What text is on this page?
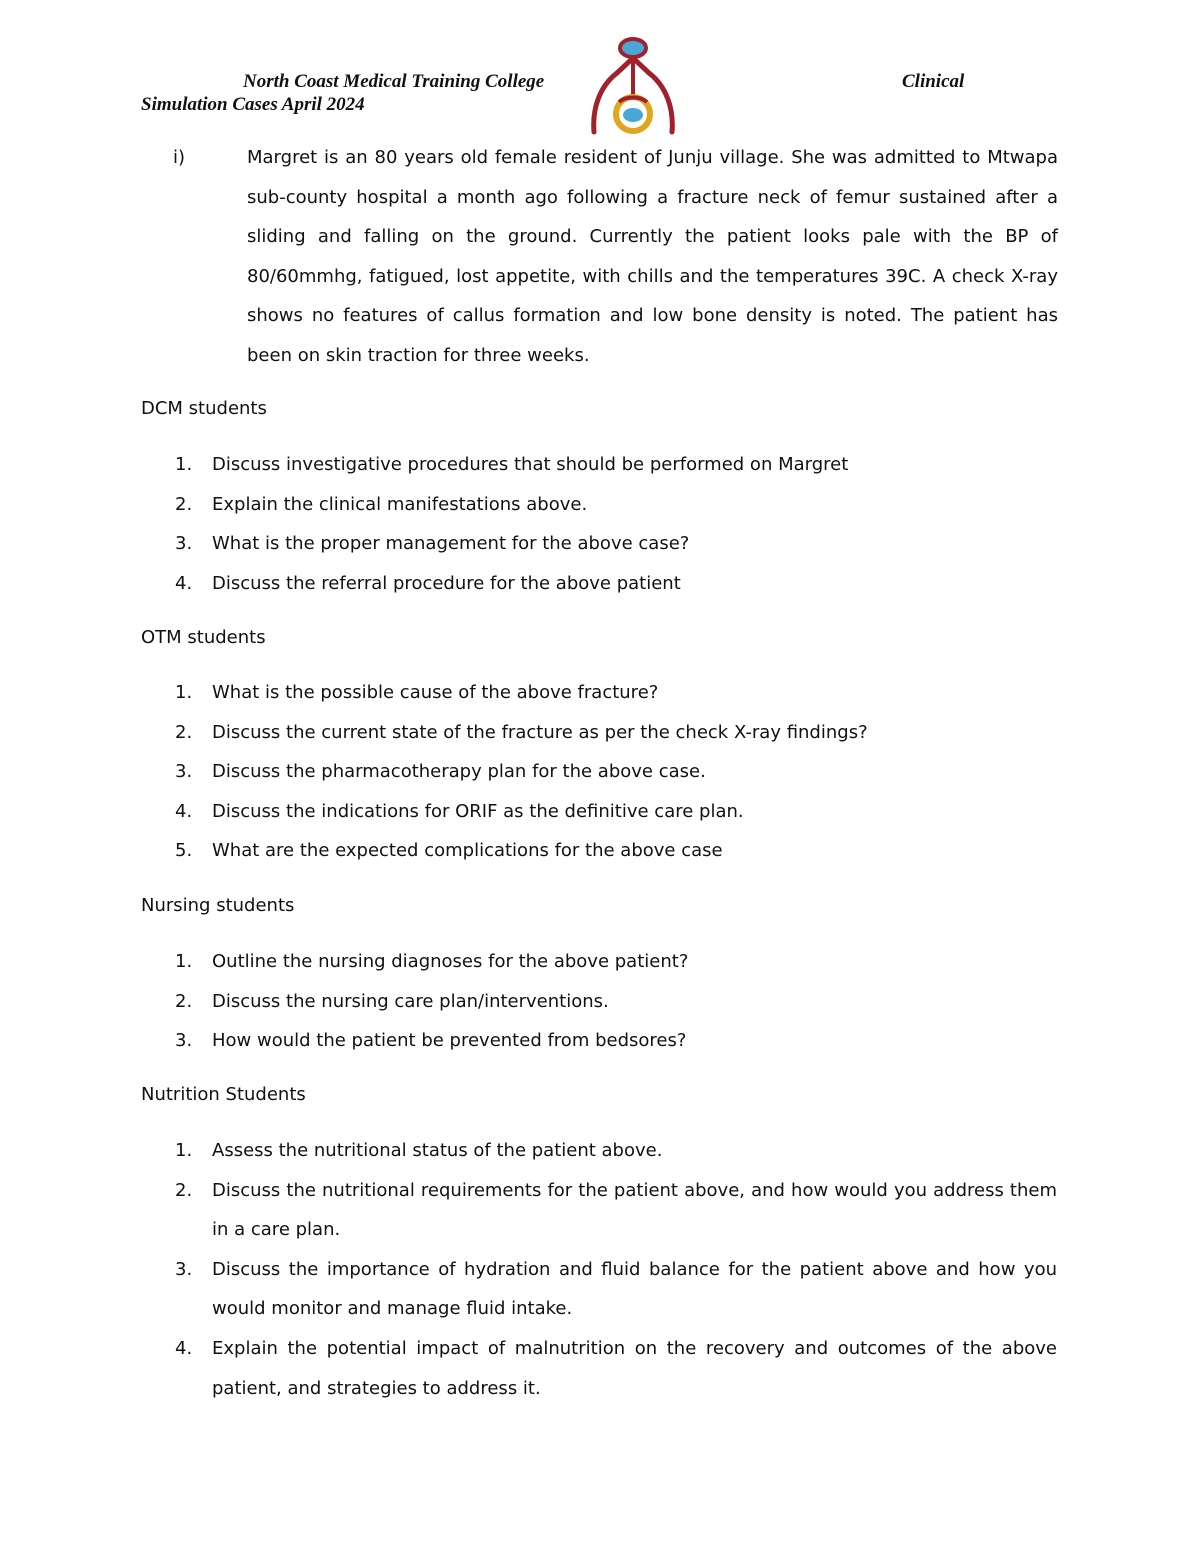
North Coast Medical Training College	Clinical
Simulation Cases April 2024
i)	Margret is an 80 years old female resident of Junju village. She was admitted to Mtwapa sub-county hospital a month ago following a fracture neck of femur sustained after a sliding and falling on the ground. Currently the patient looks pale with the BP of 80/60mmhg, fatigued, lost appetite, with chills and the temperatures 39C. A check X-ray shows no features of callus formation and low bone density is noted. The patient has been on skin traction for three weeks.
DCM students
1. Discuss investigative procedures that should be performed on Margret
2. Explain the clinical manifestations above.
3. What is the proper management for the above case?
4. Discuss the referral procedure for the above patient
OTM students
1. What is the possible cause of the above fracture?
2. Discuss the current state of the fracture as per the check X-ray findings?
3. Discuss the pharmacotherapy plan for the above case.
4. Discuss the indications for ORIF as the definitive care plan.
5. What are the expected complications for the above case
Nursing students
1. Outline the nursing diagnoses for the above patient?
2. Discuss the nursing care plan/interventions.
3. How would the patient be prevented from bedsores?
Nutrition Students
1. Assess the nutritional status of the patient above.
2. Discuss the nutritional requirements for the patient above, and how would you address them in a care plan.
3. Discuss the importance of hydration and fluid balance for the patient above and how you would monitor and manage fluid intake.
4. Explain the potential impact of malnutrition on the recovery and outcomes of the above patient, and strategies to address it.
